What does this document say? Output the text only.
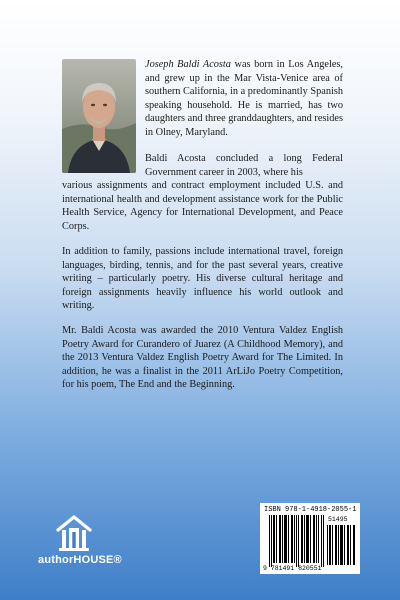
Joseph Baldi Acosta was born in Los Angeles, and grew up in the Mar Vista-Venice area of southern California, in a predominantly Spanish speaking household. He is married, has two daughters and three granddaughters, and resides in Olney, Maryland.

Baldi Acosta concluded a long Federal Government career in 2003, where his

various assignments and contract employment included U.S. and international health and development assistance work for the Public Health Service, Agency for International Development, and Peace Corps.

In addition to family, passions include international travel, foreign languages, birding, tennis, and for the past several years, creative writing – particularly poetry. His diverse cultural heritage and foreign assignments heavily influence his world outlook and writing.

Mr. Baldi Acosta was awarded the 2010 Ventura Valdez English Poetry Award for Curandero of Juarez (A Childhood Memory), and the 2013 Ventura Valdez English Poetry Award for The Limited. In addition, he was a finalist in the 2011 ArLiJo Poetry Competition, for his poem, The End and the Beginning.

authorHOUSE®
ISBN 978-1-4918-2055-1
51495
9 781491 820551
